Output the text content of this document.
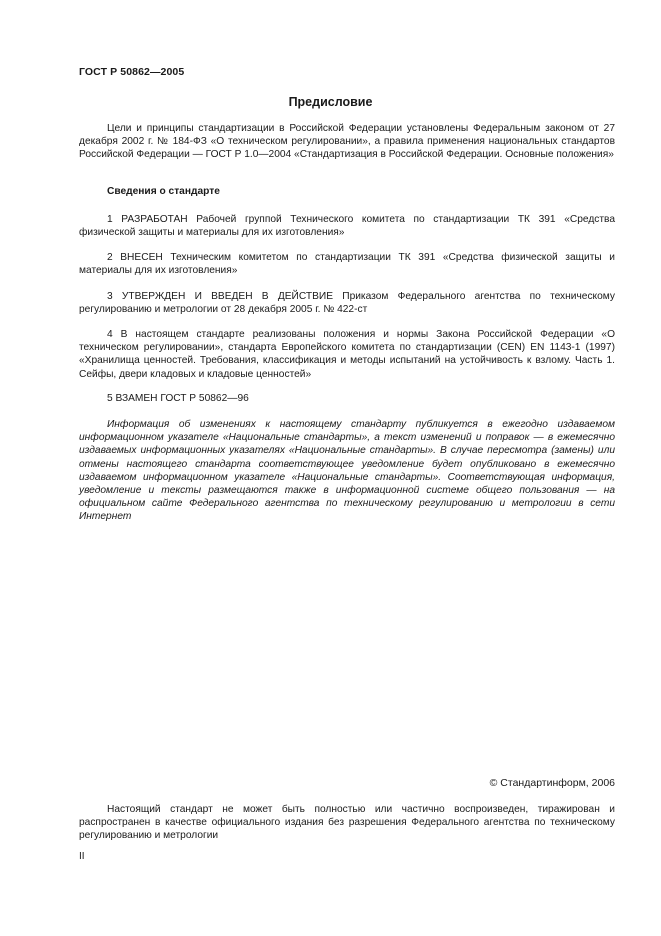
ГОСТ Р 50862—2005
Предисловие

Цели и принципы стандартизации в Российской Федерации установлены Федеральным законом от 27 декабря 2002 г. № 184-ФЗ «О техническом регулировании», а правила применения национальных стандартов Российской Федерации — ГОСТ Р 1.0—2004 «Стандартизация в Российской Федерации. Основные положения»

Сведения о стандарте

1 РАЗРАБОТАН Рабочей группой Технического комитета по стандартизации ТК 391 «Средства физической защиты и материалы для их изготовления»

2 ВНЕСЕН Техническим комитетом по стандартизации ТК 391 «Средства физической защиты и материалы для их изготовления»

3 УТВЕРЖДЕН И ВВЕДЕН В ДЕЙСТВИЕ Приказом Федерального агентства по техническому регулированию и метрологии от 28 декабря 2005 г. № 422-ст

4 В настоящем стандарте реализованы положения и нормы Закона Российской Федерации «О техническом регулировании», стандарта Европейского комитета по стандартизации (CEN) EN 1143-1 (1997) «Хранилища ценностей. Требования, классификация и методы испытаний на устойчивость к взлому. Часть 1. Сейфы, двери кладовых и кладовые ценностей»

5 ВЗАМЕН ГОСТ Р 50862—96

Информация об изменениях к настоящему стандарту публикуется в ежегодно издаваемом информационном указателе «Национальные стандарты», а текст изменений и поправок — в ежемесячно издаваемых информационных указателях «Национальные стандарты». В случае пересмотра (замены) или отмены настоящего стандарта соответствующее уведомление будет опубликовано в ежемесячно издаваемом информационном указателе «Национальные стандарты». Соответствующая информация, уведомление и тексты размещаются также в информационной системе общего пользования — на официальном сайте Федерального агентства по техническому регулированию и метрологии в сети Интернет

© Стандартинформ, 2006

Настоящий стандарт не может быть полностью или частично воспроизведен, тиражирован и распространен в качестве официального издания без разрешения Федерального агентства по техническому регулированию и метрологии

II
